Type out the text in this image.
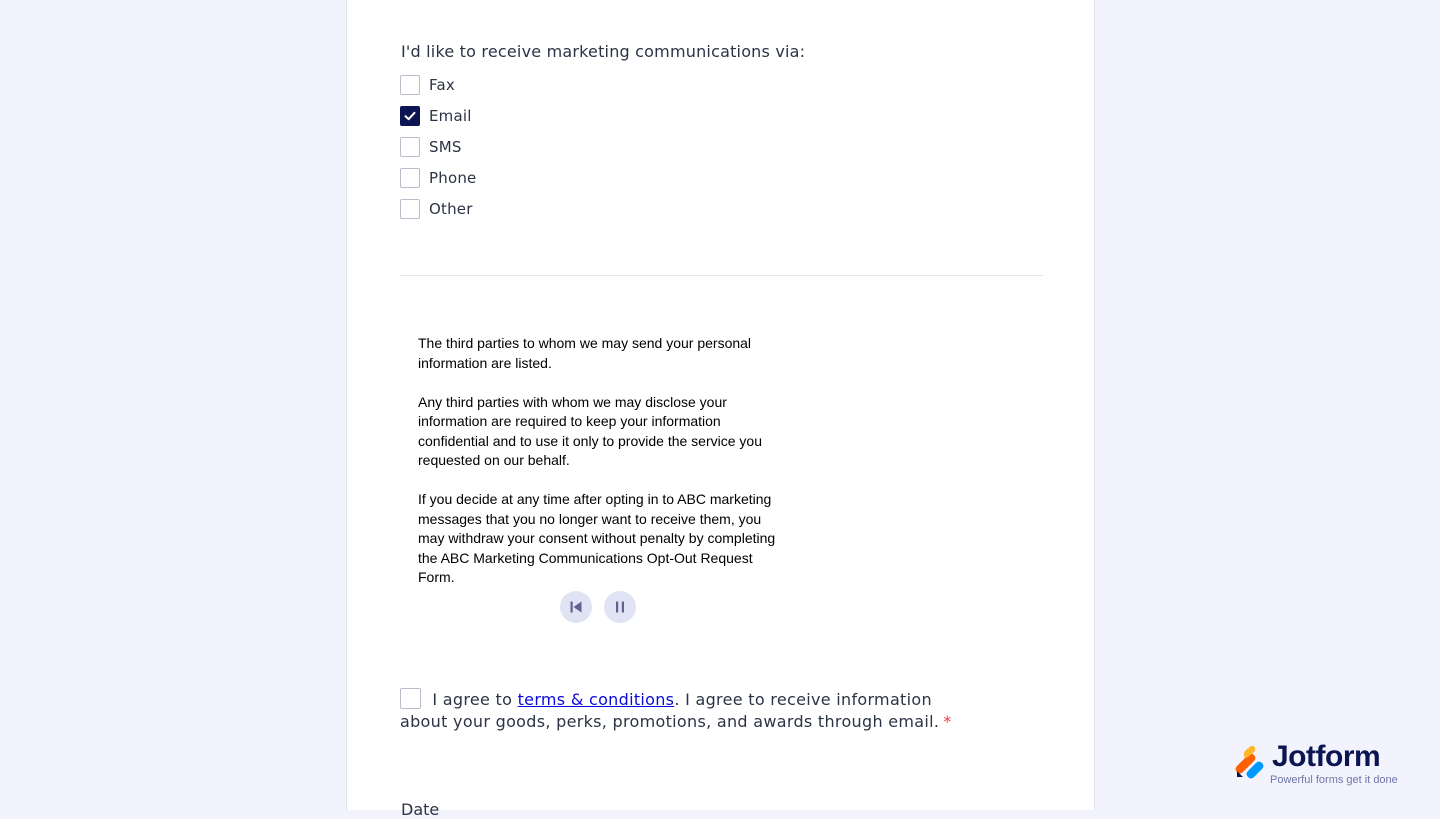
I'd like to receive marketing communications via:
Fax
Email
SMS
Phone
Other

The third parties to whom we may send your personal information are listed.

Any third parties with whom we may disclose your information are required to keep your information confidential and to use it only to provide the service you requested on our behalf.

If you decide at any time after opting in to ABC marketing messages that you no longer want to receive them, you may withdraw your consent without penalty by completing the ABC Marketing Communications Opt-Out Request Form.

I agree to terms & conditions. I agree to receive information about your goods, perks, promotions, and awards through email. *
Date
Jotform
Powerful forms get it done
